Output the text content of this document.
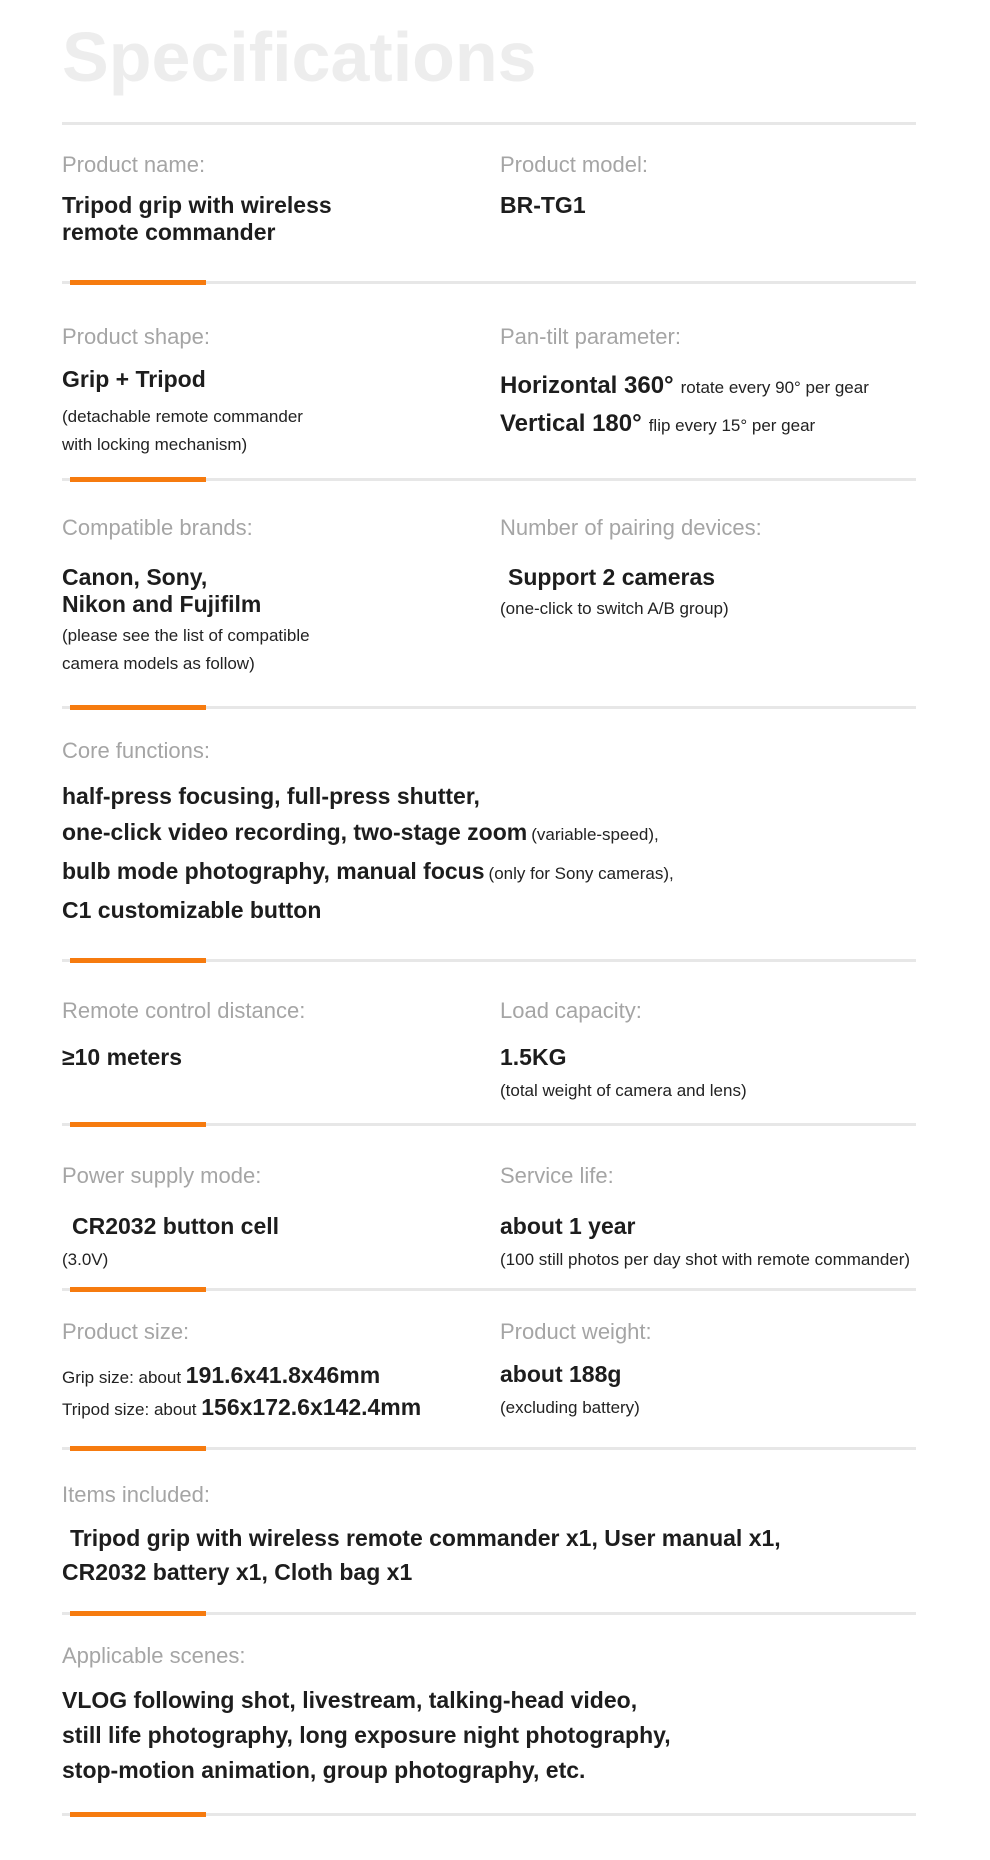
Specifications
Product name:
Tripod grip with wireless
remote commander
Product model:
BR-TG1
Product shape:
Grip + Tripod
(detachable remote commander
with locking mechanism)
Pan-tilt parameter:
Horizontal 360° rotate every 90° per gear
Vertical 180° flip every 15° per gear
Compatible brands:
Canon, Sony,
Nikon and Fujifilm
(please see the list of compatible
camera models as follow)
Number of pairing devices:
Support 2 cameras
(one-click to switch A/B group)
Core functions:
half-press focusing, full-press shutter,
one-click video recording, two-stage zoom (variable-speed),
bulb mode photography, manual focus (only for Sony cameras),
C1 customizable button
Remote control distance:
≥10 meters
Load capacity:
1.5KG
(total weight of camera and lens)
Power supply mode:
CR2032 button cell
(3.0V)
Service life:
about 1 year
(100 still photos per day shot with remote commander)
Product size:
Grip size: about 191.6x41.8x46mm
Tripod size: about 156x172.6x142.4mm
Product weight:
about 188g
(excluding battery)
Items included:
Tripod grip with wireless remote commander x1, User manual x1,
CR2032 battery x1, Cloth bag x1
Applicable scenes:
VLOG following shot, livestream, talking-head video,
still life photography, long exposure night photography,
stop-motion animation, group photography, etc.
